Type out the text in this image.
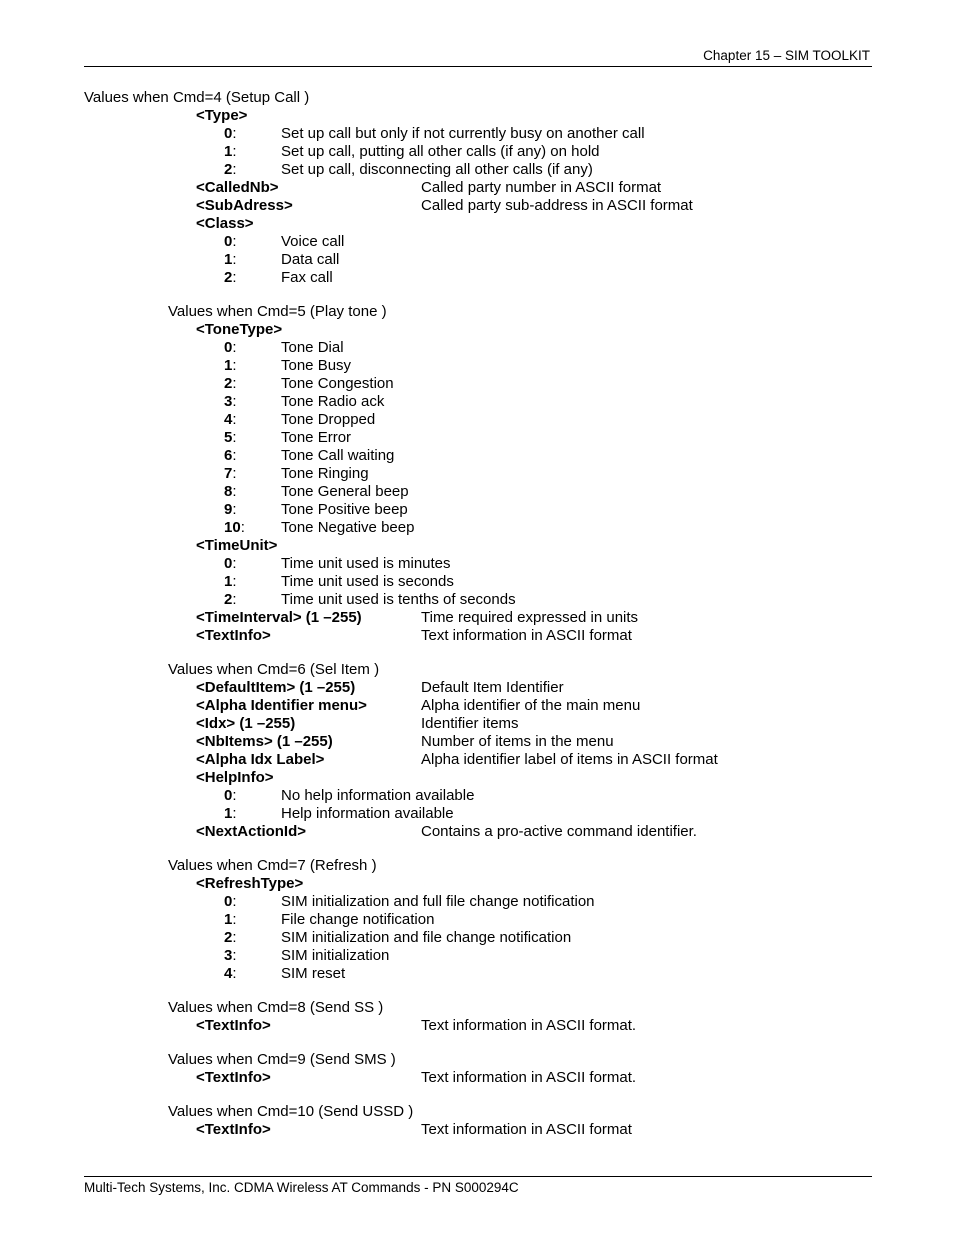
Chapter 15 – SIM TOOLKIT
Values when Cmd=4 (Setup Call )
<Type>
0:	Set up call but only if not currently busy on another call
1:	Set up call, putting all other calls (if any) on hold
2:	Set up call, disconnecting all other calls (if any)
<CalledNb>	Called party number in ASCII format
<SubAdress>	Called party sub-address in ASCII format
<Class>
0:	Voice call
1:	Data call
2:	Fax call
Values when Cmd=5 (Play tone )
<ToneType>
0:	Tone Dial
1:	Tone Busy
2:	Tone Congestion
3:	Tone Radio ack
4:	Tone Dropped
5:	Tone Error
6:	Tone Call waiting
7:	Tone Ringing
8:	Tone General beep
9:	Tone Positive beep
10: Tone Negative beep
<TimeUnit>
0:	Time unit used is minutes
1:	Time unit used is seconds
2:	Time unit used is tenths of seconds
<TimeInterval> (1 –255)	Time required expressed in units
<TextInfo>	Text information in ASCII format
Values when Cmd=6 (Sel Item )
<DefaultItem> (1 –255)	Default Item Identifier
<Alpha Identifier menu>	Alpha identifier of the main menu
<Idx> (1 –255)	Identifier items
<NbItems> (1 –255)	Number of items in the menu
<Alpha Idx Label>	Alpha identifier label of items in ASCII format
<HelpInfo>
0:	No help information available
1:	Help information available
<NextActionId>	Contains a pro-active command identifier.
Values when Cmd=7 (Refresh )
<RefreshType>
0:	SIM initialization and full file change notification
1:	File change notification
2:	SIM initialization and file change notification
3:	SIM initialization
4:	SIM reset
Values when Cmd=8 (Send SS )
<TextInfo>	Text information in ASCII format.
Values when Cmd=9 (Send SMS )
<TextInfo>	Text information in ASCII format.
Values when Cmd=10 (Send USSD )
<TextInfo>	Text information in ASCII format
Multi-Tech Systems, Inc. CDMA Wireless AT Commands - PN S000294C
